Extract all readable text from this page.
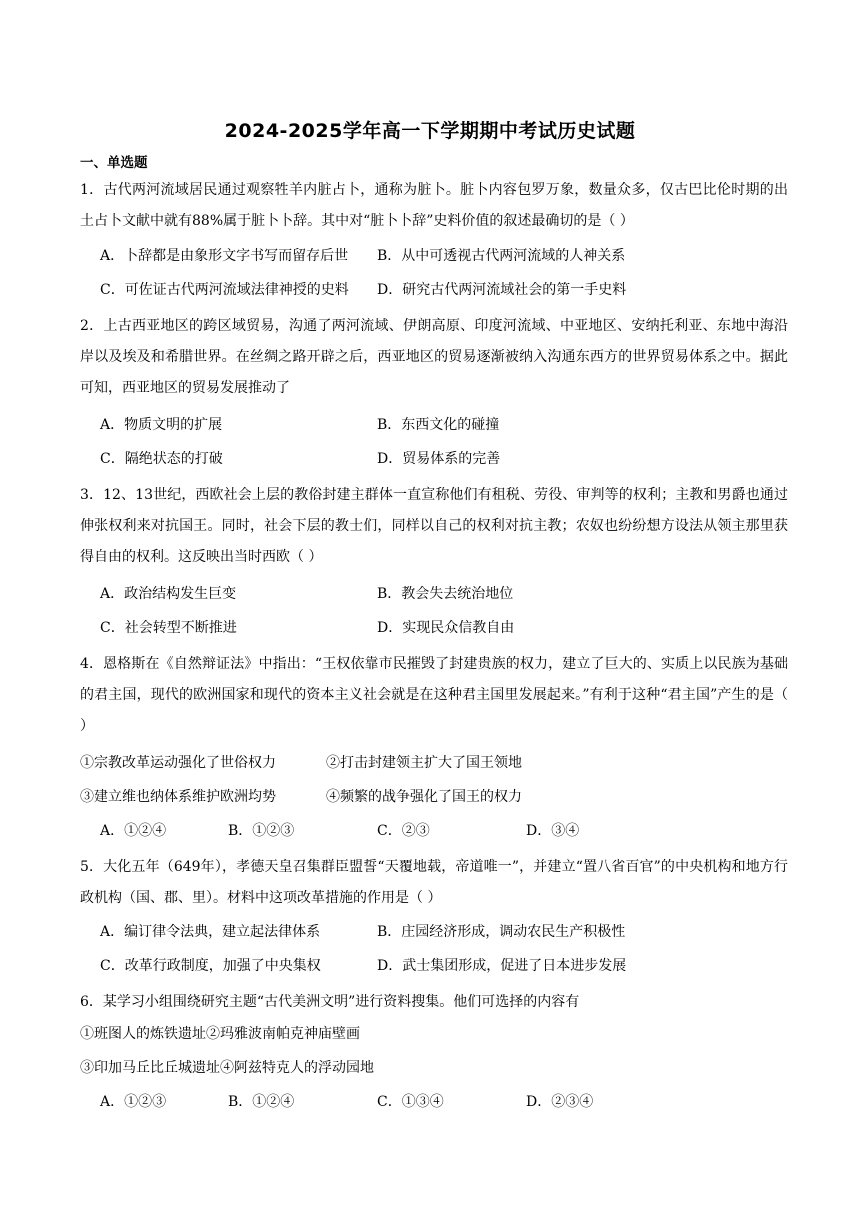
2024-2025学年高一下学期期中考试历史试题
一、单选题
1．古代两河流域居民通过观察牲羊内脏占卜，通称为脏卜。脏卜内容包罗万象，数量众多，仅古巴比伦时期的出土占卜文献中就有88%属于脏卜卜辞。其中对“脏卜卜辞”史料价值的叙述最确切的是（ ）
A．卜辞都是由象形文字书写而留存后世 B．从中可透视古代两河流域的人神关系
C．可佐证古代两河流域法律神授的史料 D．研究古代两河流域社会的第一手史料
2．上古西亚地区的跨区域贸易，沟通了两河流域、伊朗高原、印度河流域、中亚地区、安纳托利亚、东地中海沿岸以及埃及和希腊世界。在丝绸之路开辟之后，西亚地区的贸易逐渐被纳入沟通东西方的世界贸易体系之中。据此可知，西亚地区的贸易发展推动了
A．物质文明的扩展	B．东西文化的碰撞
C．隔绝状态的打破	D．贸易体系的完善
3．12、13世纪，西欧社会上层的教俗封建主群体一直宣称他们有租税、劳役、审判等的权利；主教和男爵也通过伸张权利来对抗国王。同时，社会下层的教士们，同样以自己的权利对抗主教；农奴也纷纷想方设法从领主那里获得自由的权利。这反映出当时西欧（ ）
A．政治结构发生巨变	B．教会失去统治地位
C．社会转型不断推进	D．实现民众信教自由
4．恩格斯在《自然辩证法》中指出：“王权依靠市民摧毁了封建贵族的权力，建立了巨大的、实质上以民族为基础的君主国，现代的欧洲国家和现代的资本主义社会就是在这种君主国里发展起来。”有利于这种“君主国”产生的是（ ）
①宗教改革运动强化了世俗权力	②打击封建领主扩大了国王领地
③建立维也纳体系维护欧洲均势	④频繁的战争强化了国王的权力
A．①②④	B．①②③	C．②③	D．③④
5．大化五年（649年），孝德天皇召集群臣盟誓“天覆地载，帝道唯一”，并建立“置八省百官”的中央机构和地方行政机构（国、郡、里）。材料中这项改革措施的作用是（ ）
A．编订律令法典，建立起法律体系	B．庄园经济形成，调动农民生产积极性
C．改革行政制度，加强了中央集权	D．武士集团形成，促进了日本进步发展
6．某学习小组围绕研究主题“古代美洲文明”进行资料搜集。他们可选择的内容有
①班图人的炼铁遗址②玛雅波南帕克神庙壁画
③印加马丘比丘城遗址④阿兹特克人的浮动园地
A．①②③	B．①②④	C．①③④	D．②③④
